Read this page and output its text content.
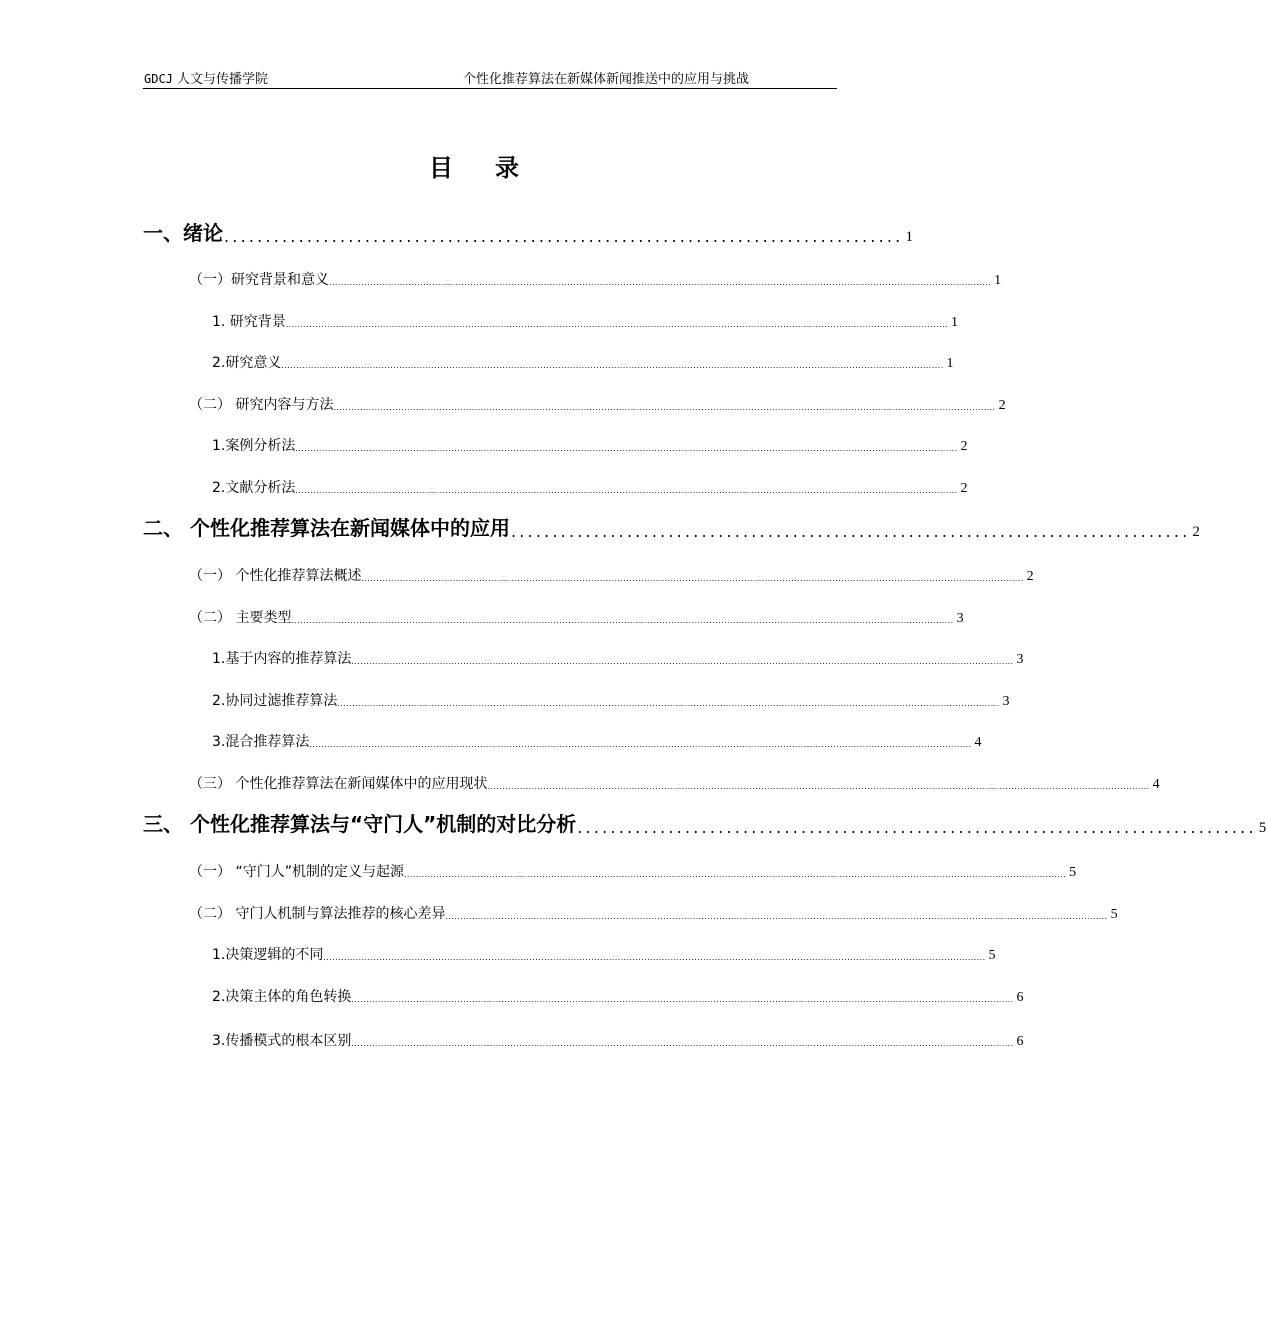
GDCJ 人文与传播学院	个性化推荐算法在新媒体新闻推送中的应用与挑战
目录
一、绪论 .................................................................................. 1
（一）研究背景和意义 ................................................................................................................................................................................................................................. 1
1. 研究背景 ................................................................................................................................................................................................................................. 1
2.研究意义 ................................................................................................................................................................................................................................. 1
（二） 研究内容与方法 ................................................................................................................................................................................................................................. 2
1.案例分析法 ................................................................................................................................................................................................................................. 2
2.文献分析法 ................................................................................................................................................................................................................................. 2
二、 个性化推荐算法在新闻媒体中的应用 .................................................................................. 2
（一） 个性化推荐算法概述 ................................................................................................................................................................................................................................. 2
（二） 主要类型 ................................................................................................................................................................................................................................. 3
1.基于内容的推荐算法 ................................................................................................................................................................................................................................. 3
2.协同过滤推荐算法 ................................................................................................................................................................................................................................. 3
3.混合推荐算法 ................................................................................................................................................................................................................................. 4
（三） 个性化推荐算法在新闻媒体中的应用现状 ................................................................................................................................................................................................................................. 4
三、 个性化推荐算法与“守门人”机制的对比分析 .................................................................................. 5
（一） “守门人”机制的定义与起源 ................................................................................................................................................................................................................................. 5
（二） 守门人机制与算法推荐的核心差异 ................................................................................................................................................................................................................................. 5
1.决策逻辑的不同 ................................................................................................................................................................................................................................. 5
2.决策主体的角色转换 ................................................................................................................................................................................................................................. 6
3.传播模式的根本区别 ................................................................................................................................................................................................................................. 6
